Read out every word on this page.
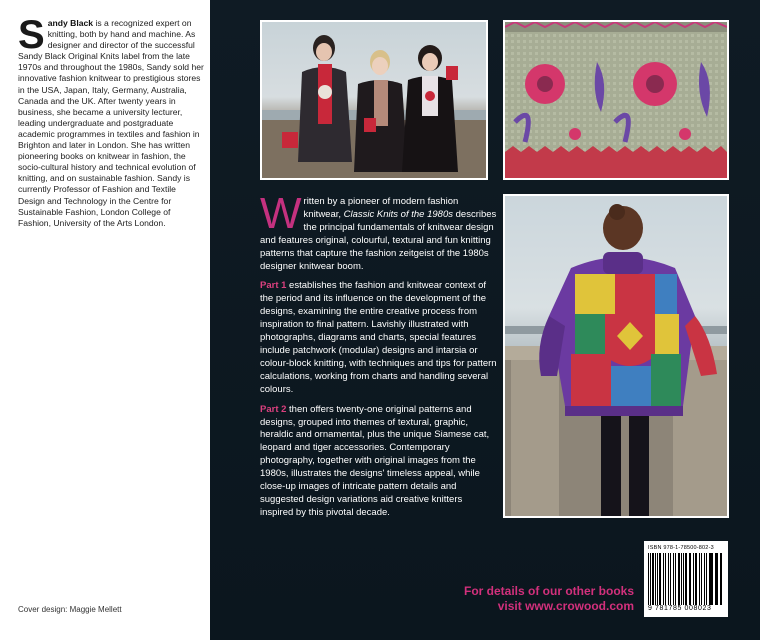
Sandy Black is a recognized expert on knitting, both by hand and machine. As designer and director of the successful Sandy Black Original Knits label from the late 1970s and throughout the 1980s, Sandy sold her innovative fashion knitwear to prestigious stores in the USA, Japan, Italy, Germany, Australia, Canada and the UK. After twenty years in business, she became a university lecturer, leading undergraduate and postgraduate academic programmes in textiles and fashion in Brighton and later in London. She has written pioneering books on knitwear in fashion, the socio-cultural history and technical evolution of knitting, and on sustainable fashion. Sandy is currently Professor of Fashion and Textile Design and Technology in the Centre for Sustainable Fashion, London College of Fashion, University of the Arts London.
Cover design: Maggie Mellett

Written by a pioneer of modern fashion knitwear, Classic Knits of the 1980s describes the principal fundamentals of knitwear design and features original, colourful, textural and fun knitting patterns that capture the fashion zeitgeist of the 1980s designer knitwear boom.

Part 1 establishes the fashion and knitwear context of the period and its influence on the development of the designs, examining the entire creative process from inspiration to final pattern. Lavishly illustrated with photographs, diagrams and charts, special features include patchwork (modular) designs and intarsia or colour-block knitting, with techniques and tips for pattern calculations, working from charts and handling several colours.

Part 2 then offers twenty-one original patterns and designs, grouped into themes of textural, graphic, heraldic and ornamental, plus the unique Siamese cat, leopard and tiger accessories. Contemporary photography, together with original images from the 1980s, illustrates the designs' timeless appeal, while close-up images of intricate pattern details and suggested design variations aid creative knitters inspired by this pivotal decade.

For details of our other books
visit www.crowood.com
ISBN 978-1-78500-802-3
9 781785 008023
